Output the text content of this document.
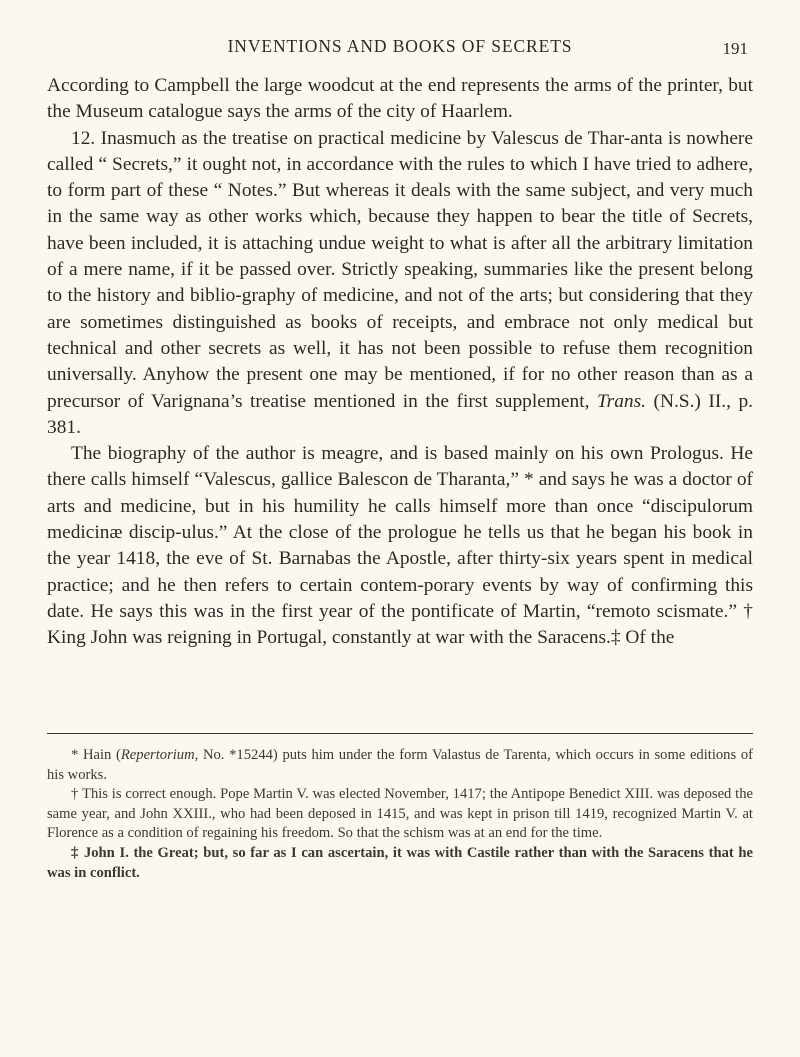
INVENTIONS AND BOOKS OF SECRETS	191

According to Campbell the large woodcut at the end represents the arms of the printer, but the Museum catalogue says the arms of the city of Haarlem.

12. Inasmuch as the treatise on practical medicine by Valescus de Thar-anta is nowhere called “ Secrets,” it ought not, in accordance with the rules to which I have tried to adhere, to form part of these “ Notes.” But whereas it deals with the same subject, and very much in the same way as other works which, because they happen to bear the title of Secrets, have been included, it is attaching undue weight to what is after all the arbitrary limitation of a mere name, if it be passed over. Strictly speaking, summaries like the present belong to the history and biblio-graphy of medicine, and not of the arts; but considering that they are sometimes distinguished as books of receipts, and embrace not only medical but technical and other secrets as well, it has not been possible to refuse them recognition universally. Anyhow the present one may be mentioned, if for no other reason than as a precursor of Varignana’s treatise mentioned in the first supplement, Trans. (N.S.) II., p. 381.

The biography of the author is meagre, and is based mainly on his own Prologus. He there calls himself “Valescus, gallice Balescon de Tharanta,” * and says he was a doctor of arts and medicine, but in his humility he calls himself more than once “discipulorum medicinæ discip-ulus.” At the close of the prologue he tells us that he began his book in the year 1418, the eve of St. Barnabas the Apostle, after thirty-six years spent in medical practice; and he then refers to certain contem-porary events by way of confirming this date. He says this was in the first year of the pontificate of Martin, “remoto scismate.” † King John was reigning in Portugal, constantly at war with the Saracens.‡ Of the

* Hain (Repertorium, No. *15244) puts him under the form Valastus de Tarenta, which occurs in some editions of his works.

† This is correct enough. Pope Martin V. was elected November, 1417; the Antipope Benedict XIII. was deposed the same year, and John XXIII., who had been deposed in 1415, and was kept in prison till 1419, recognized Martin V. at Florence as a condition of regaining his freedom. So that the schism was at an end for the time.

‡ John I. the Great; but, so far as I can ascertain, it was with Castile rather than with the Saracens that he was in conflict.
